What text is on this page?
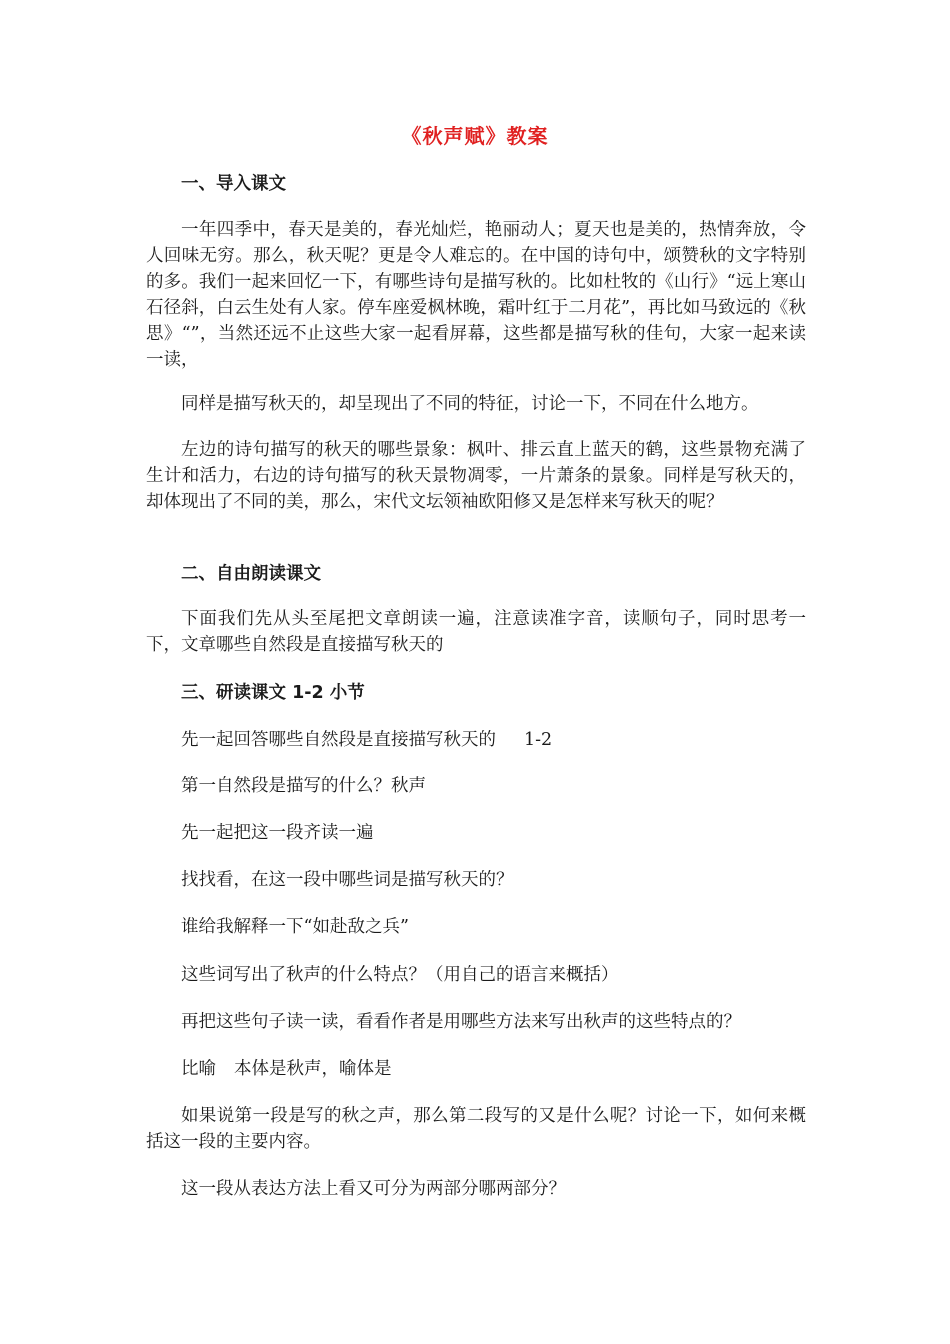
《秋声赋》教案

一、导入课文

一年四季中，春天是美的，春光灿烂，艳丽动人；夏天也是美的，热情奔放，令人回味无穷。那么，秋天呢？更是令人难忘的。在中国的诗句中，颂赞秋的文字特别的多。我们一起来回忆一下，有哪些诗句是描写秋的。比如杜牧的《山行》“远上寒山石径斜，白云生处有人家。停车座爱枫林晚，霜叶红于二月花”，再比如马致远的《秋思》“”，当然还远不止这些大家一起看屏幕，这些都是描写秋的佳句，大家一起来读一读，

同样是描写秋天的，却呈现出了不同的特征，讨论一下，不同在什么地方。

左边的诗句描写的秋天的哪些景象：枫叶、排云直上蓝天的鹤，这些景物充满了生计和活力，右边的诗句描写的秋天景物凋零，一片萧条的景象。同样是写秋天的，却体现出了不同的美，那么，宋代文坛领袖欧阳修又是怎样来写秋天的呢？

二、自由朗读课文

下面我们先从头至尾把文章朗读一遍，注意读准字音，读顺句子，同时思考一下，文章哪些自然段是直接描写秋天的

三、研读课文 1-2 小节

先一起回答哪些自然段是直接描写秋天的 1-2

第一自然段是描写的什么？秋声

先一起把这一段齐读一遍

找找看，在这一段中哪些词是描写秋天的？

谁给我解释一下“如赴敌之兵”

这些词写出了秋声的什么特点？（用自己的语言来概括）

再把这些句子读一读，看看作者是用哪些方法来写出秋声的这些特点的？

比喻 本体是秋声，喻体是

如果说第一段是写的秋之声，那么第二段写的又是什么呢？讨论一下，如何来概括这一段的主要内容。

这一段从表达方法上看又可分为两部分哪两部分？
